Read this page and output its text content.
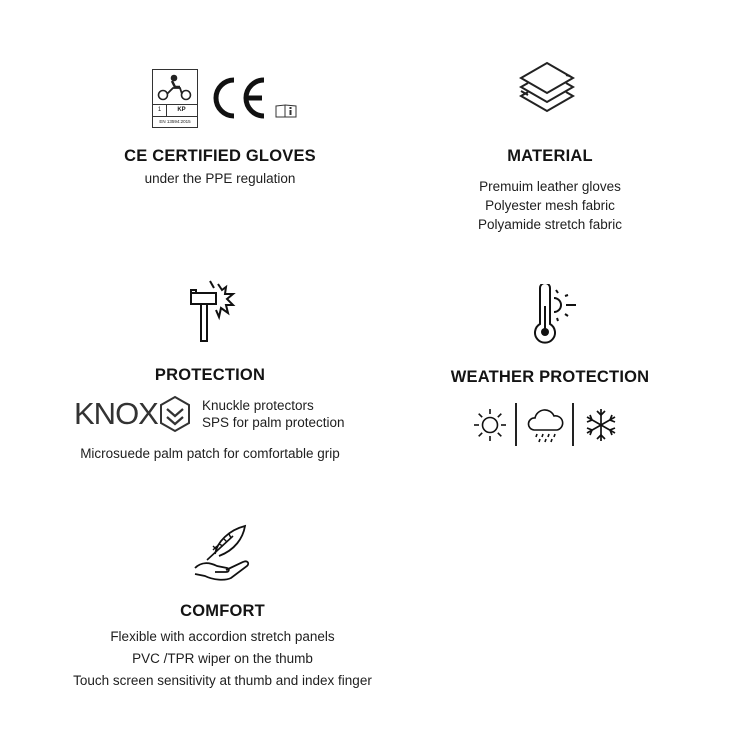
1	KP
EN 13594:2015
CE CERTIFIED GLOVES
under the PPE regulation
MATERIAL
Premuim leather gloves
Polyester mesh fabric
Polyamide stretch fabric
PROTECTION
KNOX	Knuckle protectors
SPS for palm protection
Microsuede palm patch for comfortable grip
WEATHER PROTECTION
COMFORT
Flexible with accordion stretch panels
PVC /TPR wiper on the thumb
Touch screen sensitivity at thumb and index finger
